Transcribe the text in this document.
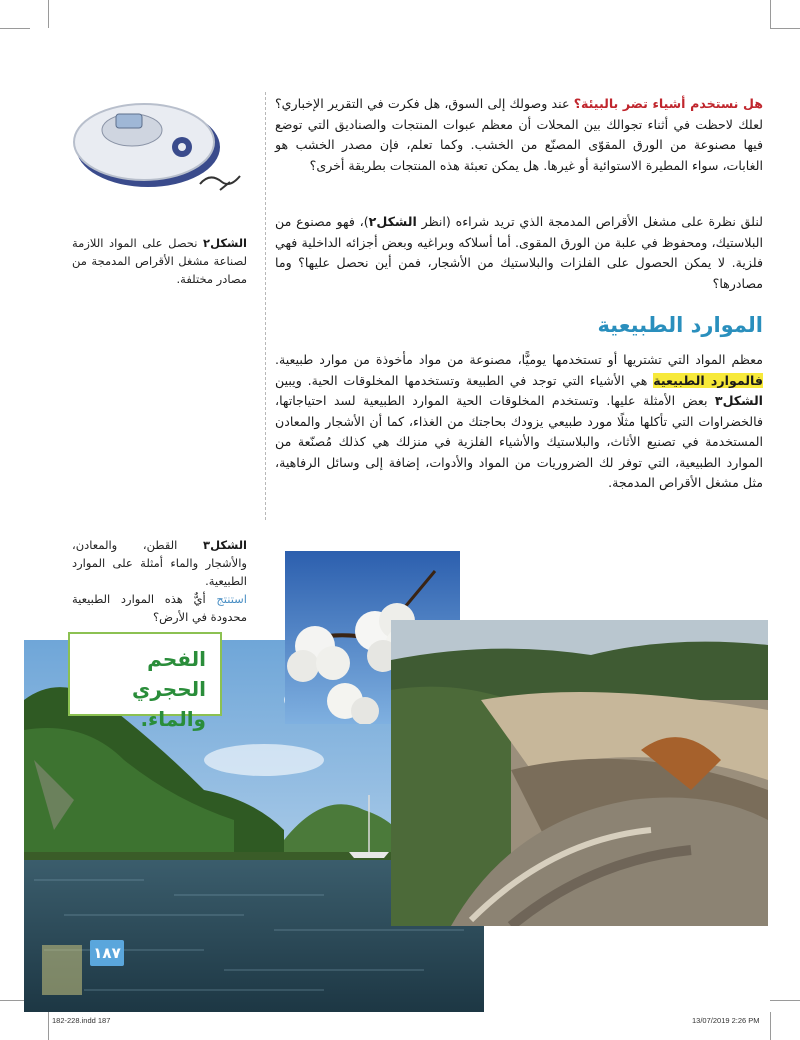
الشكل٢ نحصل على المواد اللازمة لصناعة مشغل الأقراص المدمجة من مصادر مختلفة.

هل نستخدم أشياء تضر بالبيئة؟ عند وصولك إلى السوق، هل فكرت في التقرير الإخباري؟ لعلك لاحظت في أثناء تجوالك بين المحلات أن معظم عبوات المنتجات والصناديق التي توضع فيها مصنوعة من الورق المقوّى المصنّع من الخشب. وكما تعلم، فإن مصدر الخشب هو الغابات، سواء المطيرة الاستوائية أو غيرها. هل يمكن تعبئة هذه المنتجات بطريقة أخرى؟

لنلق نظرة على مشغل الأقراص المدمجة الذي تريد شراءه (انظر الشكل٢)، فهو مصنوع من البلاستيك، ومحفوظ في علبة من الورق المقوى. أما أسلاكه وبراغيه وبعض أجزائه الداخلية فهي فلزية. لا يمكن الحصول على الفلزات والبلاستيك من الأشجار، فمن أين نحصل عليها؟ وما مصادرها؟

الموارد الطبيعية

معظم المواد التي تشتريها أو تستخدمها يوميًّا، مصنوعة من مواد مأخوذة من موارد طبيعية. فالموارد الطبيعية هي الأشياء التي توجد في الطبيعة وتستخدمها المخلوقات الحية. ويبين الشكل٣ بعض الأمثلة عليها. وتستخدم المخلوقات الحية الموارد الطبيعية لسد احتياجاتها، فالخضراوات التي تأكلها مثلًا مورد طبيعي يزودك بحاجتك من الغذاء، كما أن الأشجار والمعادن المستخدمة في تصنيع الأثاث، والبلاستيك والأشياء الفلزية في منزلك هي كذلك مُصنّعة من الموارد الطبيعية، التي توفر لك الضروريات من المواد والأدوات، إضافة إلى وسائل الرفاهية، مثل مشغل الأقراص المدمجة.

الشكل٣ القطن، والمعادن، والأشجار والماء أمثلة على الموارد الطبيعية.
استنتج أيٌّ هذه الموارد الطبيعية محدودة في الأرض؟
الفحم الحجري
والماء.
١٨٧
182-228.indd 187	13/07/2019 2:26 PM
